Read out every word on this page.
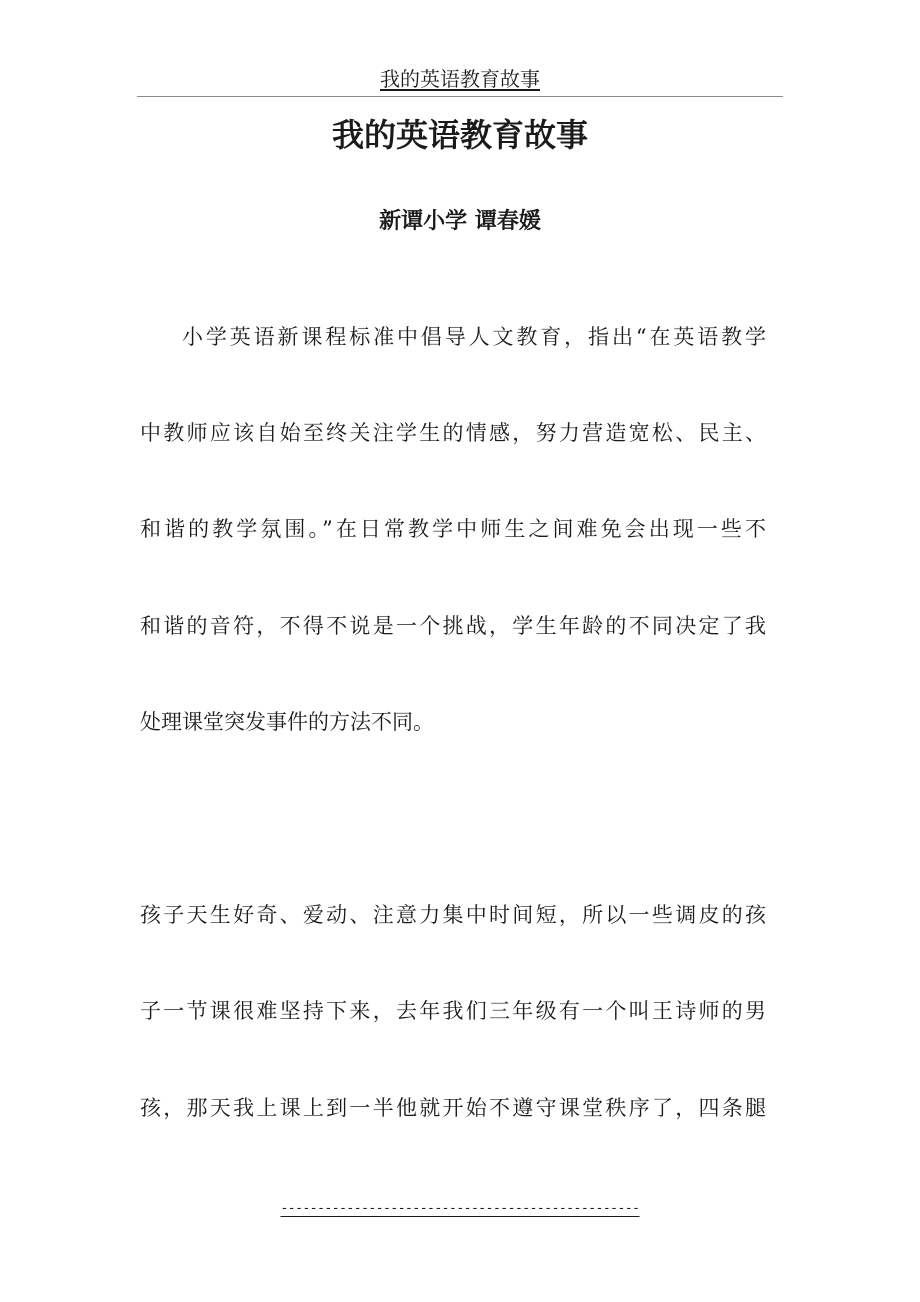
我的英语教育故事
我的英语教育故事
新谭小学 谭春媛
小学英语新课程标准中倡导人文教育，指出“在英语教学
中教师应该自始至终关注学生的情感，努力营造宽松、民主、
和谐的教学氛围。”在日常教学中师生之间难免会出现一些不
和谐的音符，不得不说是一个挑战，学生年龄的不同决定了我
处理课堂突发事件的方法不同。
孩子天生好奇、爱动、注意力集中时间短，所以一些调皮的孩
子一节课很难坚持下来，去年我们三年级有一个叫王诗师的男
孩，那天我上课上到一半他就开始不遵守课堂秩序了，四条腿
-------------------------------------------------
